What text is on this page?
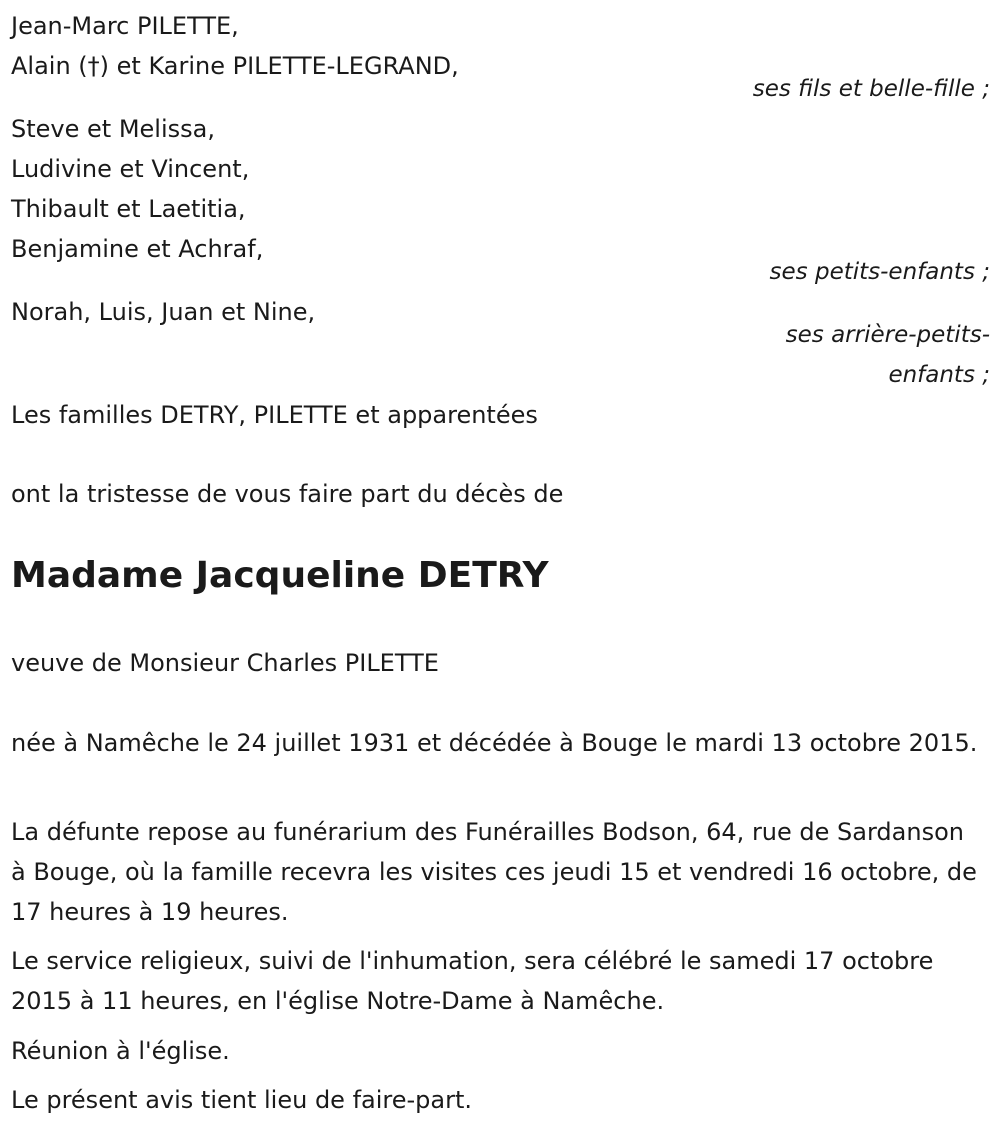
Jean-Marc PILETTE,
Alain (†) et Karine PILETTE-LEGRAND,
ses fils et belle-fille ;
Steve et Melissa,
Ludivine et Vincent,
Thibault et Laetitia,
Benjamine et Achraf,
ses petits-enfants ;
Norah, Luis, Juan et Nine,
ses arrière-petits-
enfants ;
Les familles DETRY, PILETTE et apparentées
ont la tristesse de vous faire part du décès de
Madame Jacqueline DETRY
veuve de Monsieur Charles PILETTE
née à Namêche le 24 juillet 1931 et décédée à Bouge le mardi 13 octobre 2015.
La défunte repose au funérarium des Funérailles Bodson, 64, rue de Sardanson à Bouge, où la famille recevra les visites ces jeudi 15 et vendredi 16 octobre, de 17 heures à 19 heures.
Le service religieux, suivi de l'inhumation, sera célébré le samedi 17 octobre 2015 à 11 heures, en l'église Notre-Dame à Namêche.
Réunion à l'église.
Le présent avis tient lieu de faire-part.
